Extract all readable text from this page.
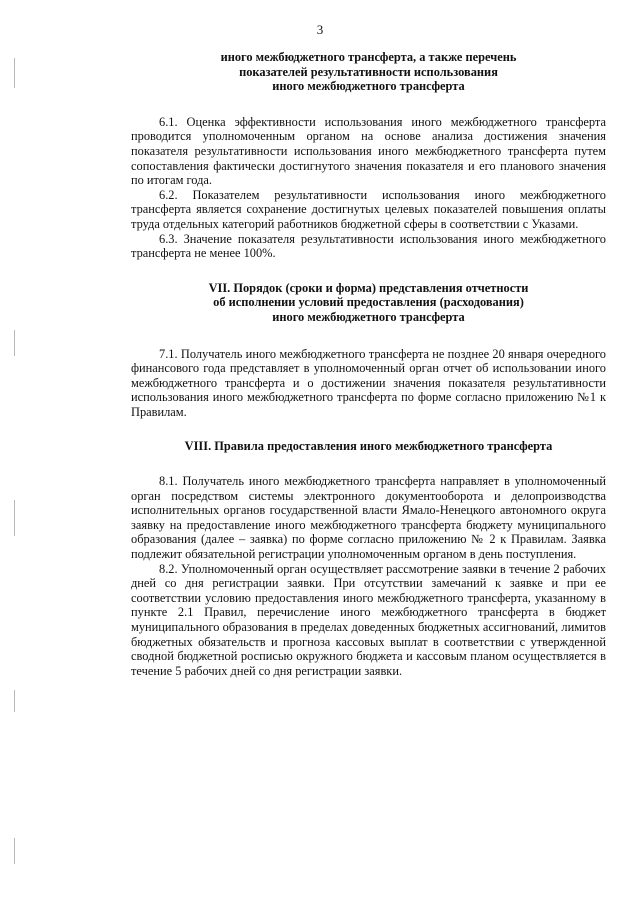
3
иного межбюджетного трансферта, а также перечень
показателей результативности использования
иного межбюджетного трансферта

6.1. Оценка эффективности использования иного межбюджетного трансферта проводится уполномоченным органом на основе анализа достижения значения показателя результативности использования иного межбюджетного трансферта путем сопоставления фактически достигнутого значения показателя и его планового значения по итогам года.

6.2. Показателем результативности использования иного межбюджетного трансферта является сохранение достигнутых целевых показателей повышения оплаты труда отдельных категорий работников бюджетной сферы в соответствии с Указами.

6.3. Значение показателя результативности использования иного межбюджетного трансферта не менее 100%.

VII. Порядок (сроки и форма) представления отчетности
об исполнении условий предоставления (расходования)
иного межбюджетного трансферта

7.1. Получатель иного межбюджетного трансферта не позднее 20 января очередного финансового года представляет в уполномоченный орган отчет об использовании иного межбюджетного трансферта и о достижении значения показателя результативности использования иного межбюджетного трансферта по форме согласно приложению №1 к Правилам.

VIII. Правила предоставления иного межбюджетного трансферта

8.1. Получатель иного межбюджетного трансферта направляет в уполномоченный орган посредством системы электронного документооборота и делопроизводства исполнительных органов государственной власти Ямало-Ненецкого автономного округа заявку на предоставление иного межбюджетного трансферта бюджету муниципального образования (далее – заявка) по форме согласно приложению № 2 к Правилам. Заявка подлежит обязательной регистрации уполномоченным органом в день поступления.

8.2. Уполномоченный орган осуществляет рассмотрение заявки в течение 2 рабочих дней со дня регистрации заявки. При отсутствии замечаний к заявке и при ее соответствии условию предоставления иного межбюджетного трансферта, указанному в пункте 2.1 Правил, перечисление иного межбюджетного трансферта в бюджет муниципального образования в пределах доведенных бюджетных ассигнований, лимитов бюджетных обязательств и прогноза кассовых выплат в соответствии с утвержденной сводной бюджетной росписью окружного бюджета и кассовым планом осуществляется в течение 5 рабочих дней со дня регистрации заявки.
